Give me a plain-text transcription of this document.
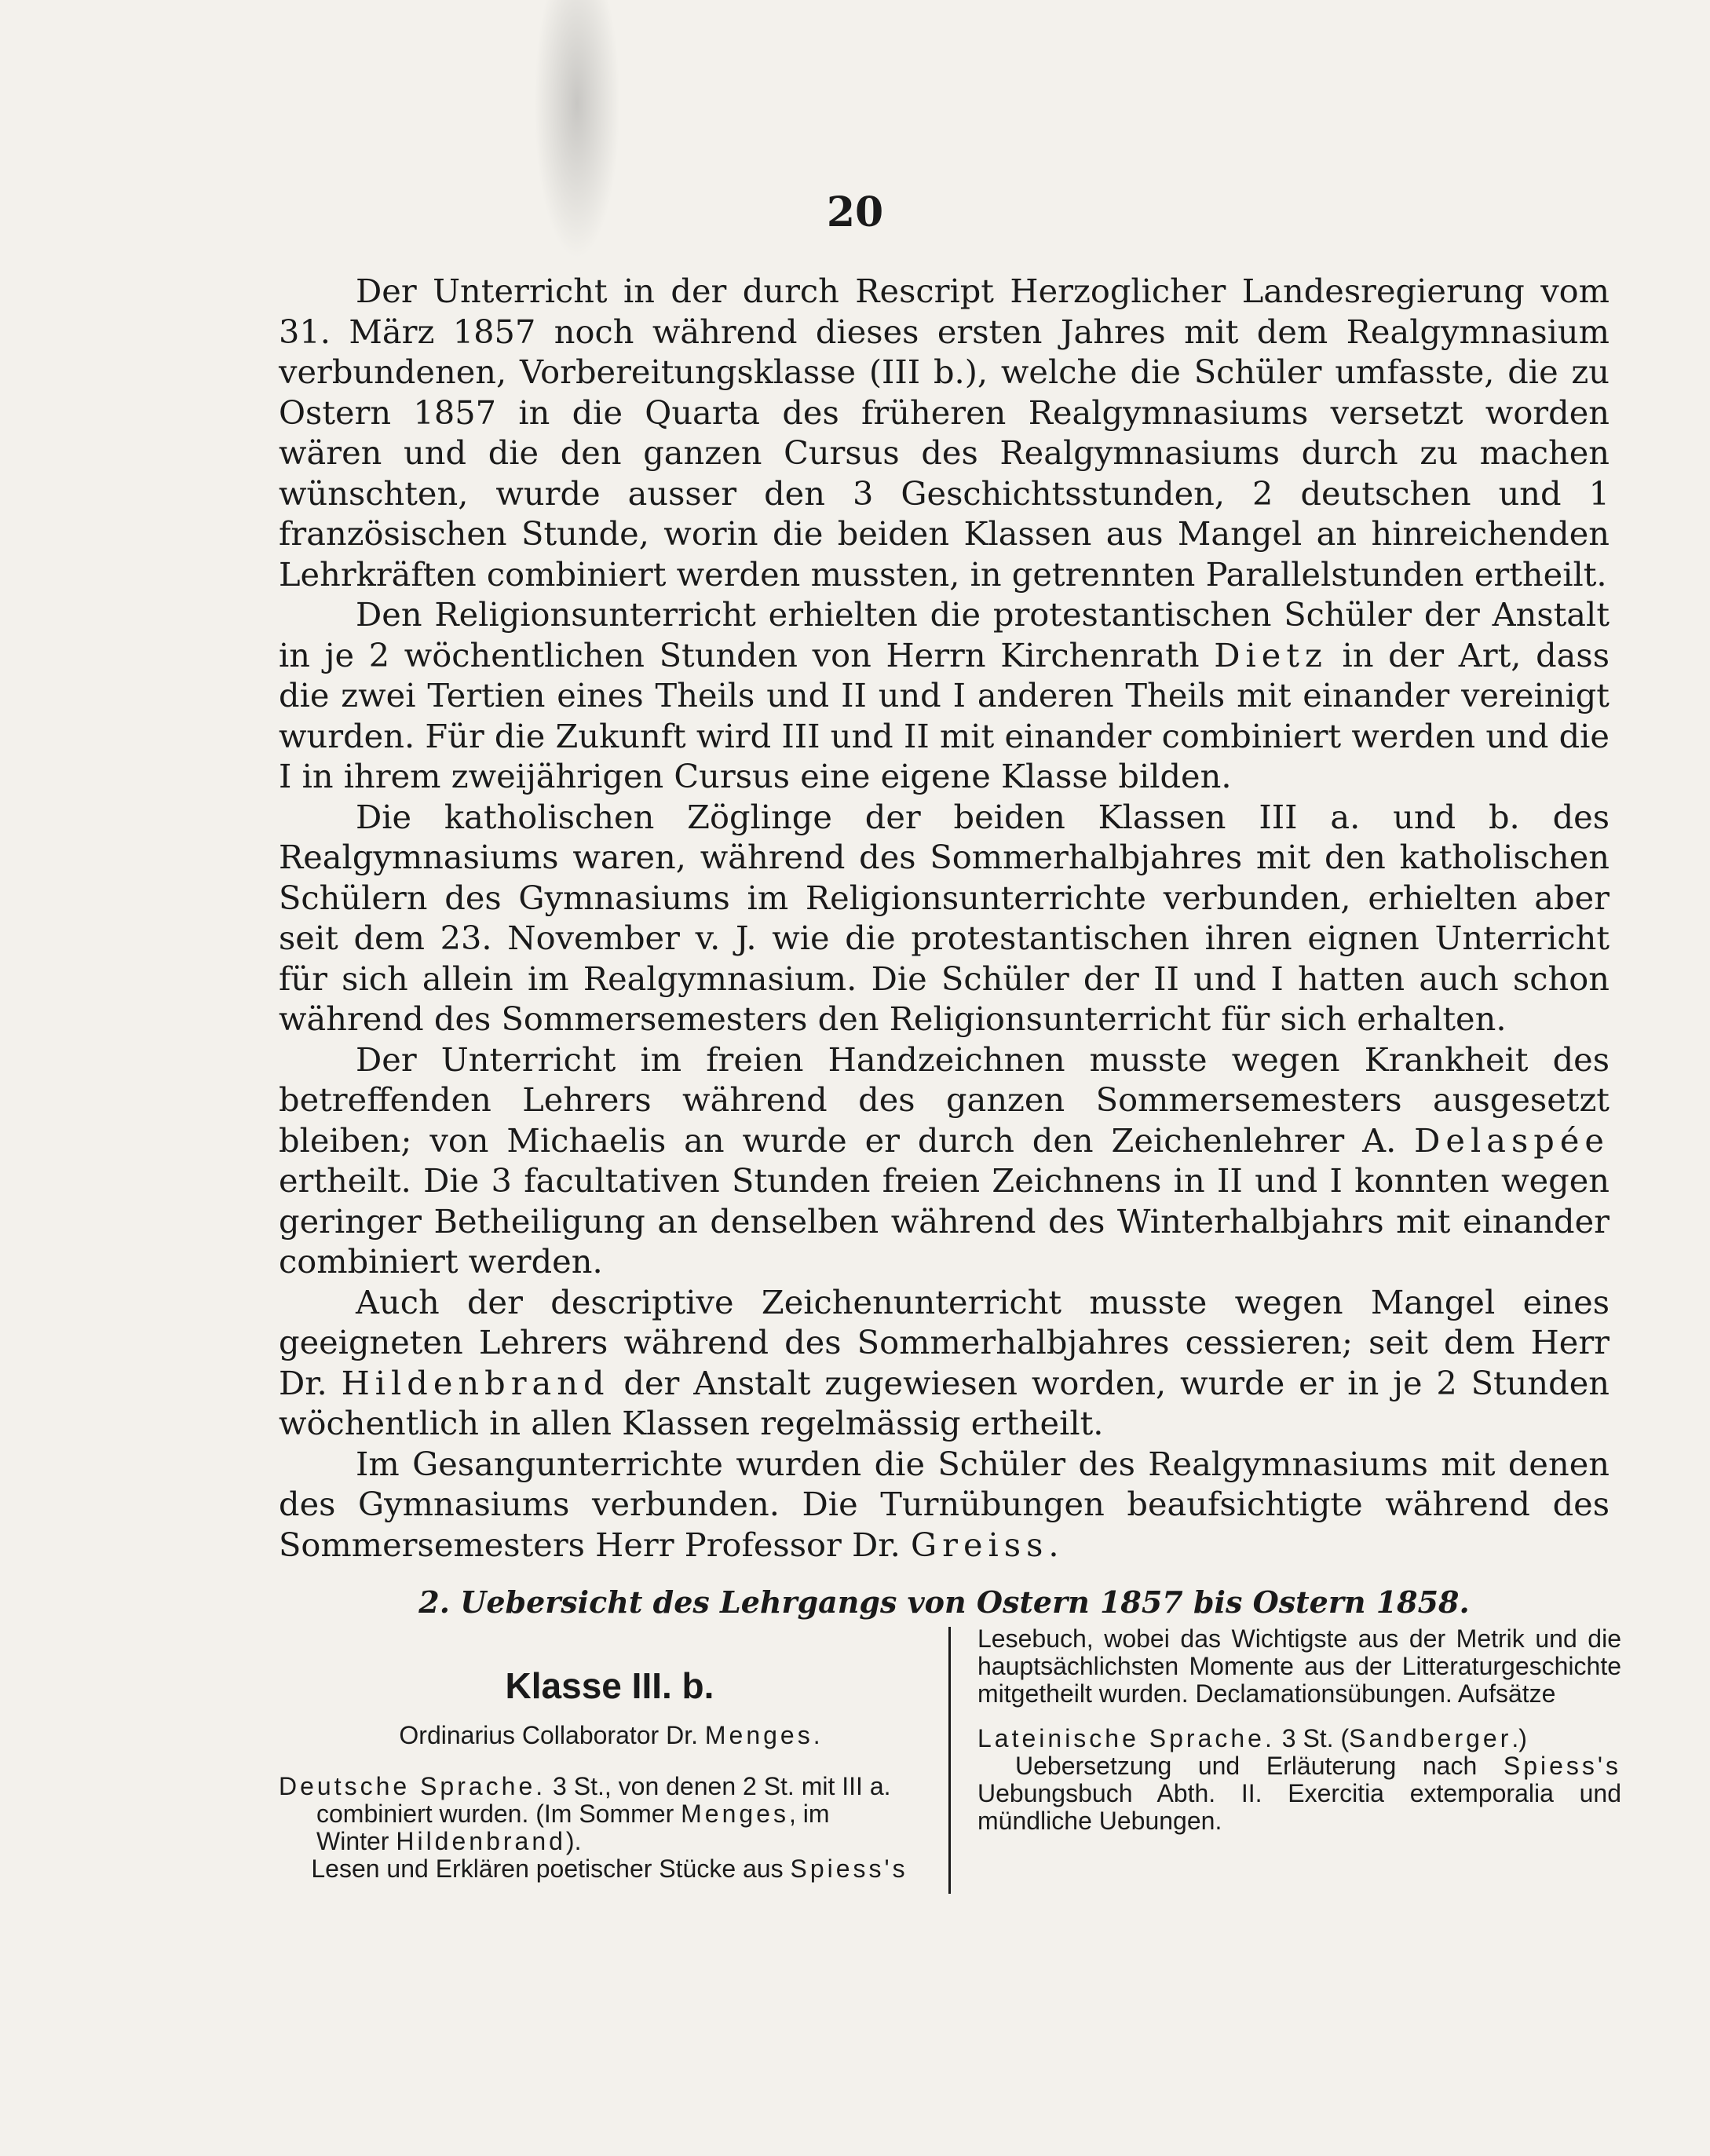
20

Der Unterricht in der durch Rescript Herzoglicher Landesregierung vom 31. März 1857 noch während dieses ersten Jahres mit dem Realgymnasium verbundenen, Vorbereitungsklasse (III b.), welche die Schüler umfasste, die zu Ostern 1857 in die Quarta des früheren Realgymnasiums versetzt worden wären und die den ganzen Cursus des Realgymnasiums durch zu machen wünschten, wurde ausser den 3 Geschichtsstunden, 2 deutschen und 1 französischen Stunde, worin die beiden Klassen aus Mangel an hinreichenden Lehrkräften combiniert werden mussten, in getrennten Parallelstunden ertheilt.

Den Religionsunterricht erhielten die protestantischen Schüler der Anstalt in je 2 wöchentlichen Stunden von Herrn Kirchenrath Dietz in der Art, dass die zwei Tertien eines Theils und II und I anderen Theils mit einander vereinigt wurden. Für die Zukunft wird III und II mit einander combiniert werden und die I in ihrem zweijährigen Cursus eine eigene Klasse bilden.

Die katholischen Zöglinge der beiden Klassen III a. und b. des Realgymnasiums waren, während des Sommerhalbjahres mit den katholischen Schülern des Gymnasiums im Religionsunterrichte verbunden, erhielten aber seit dem 23. November v. J. wie die protestantischen ihren eignen Unterricht für sich allein im Realgymnasium. Die Schüler der II und I hatten auch schon während des Sommersemesters den Religionsunterricht für sich erhalten.

Der Unterricht im freien Handzeichnen musste wegen Krankheit des betreffenden Lehrers während des ganzen Sommersemesters ausgesetzt bleiben; von Michaelis an wurde er durch den Zeichenlehrer A. Delaspée ertheilt. Die 3 facultativen Stunden freien Zeichnens in II und I konnten wegen geringer Betheiligung an denselben während des Winterhalbjahrs mit einander combiniert werden.

Auch der descriptive Zeichenunterricht musste wegen Mangel eines geeigneten Lehrers während des Sommerhalbjahres cessieren; seit dem Herr Dr. Hildenbrand der Anstalt zugewiesen worden, wurde er in je 2 Stunden wöchentlich in allen Klassen regelmässig ertheilt.

Im Gesangunterrichte wurden die Schüler des Realgymnasiums mit denen des Gymnasiums verbunden. Die Turnübungen beaufsichtigte während des Sommersemesters Herr Professor Dr. Greiss.

2. Uebersicht des Lehrgangs von Ostern 1857 bis Ostern 1858.
Klasse III. b.
Ordinarius Collaborator Dr. Menges.
Deutsche Sprache. 3 St., von denen 2 St. mit III a.
combiniert wurden. (Im Sommer Menges, im
Winter Hildenbrand).
Lesen und Erklären poetischer Stücke aus Spiess's
Lesebuch, wobei das Wichtigste aus der Metrik und die hauptsächlichsten Momente aus der Litteraturgeschichte mitgetheilt wurden. Declamationsübungen. Aufsätze
Lateinische Sprache. 3 St. (Sandberger.)
Uebersetzung und Erläuterung nach Spiess's Uebungsbuch Abth. II. Exercitia extemporalia und mündliche Uebungen.
